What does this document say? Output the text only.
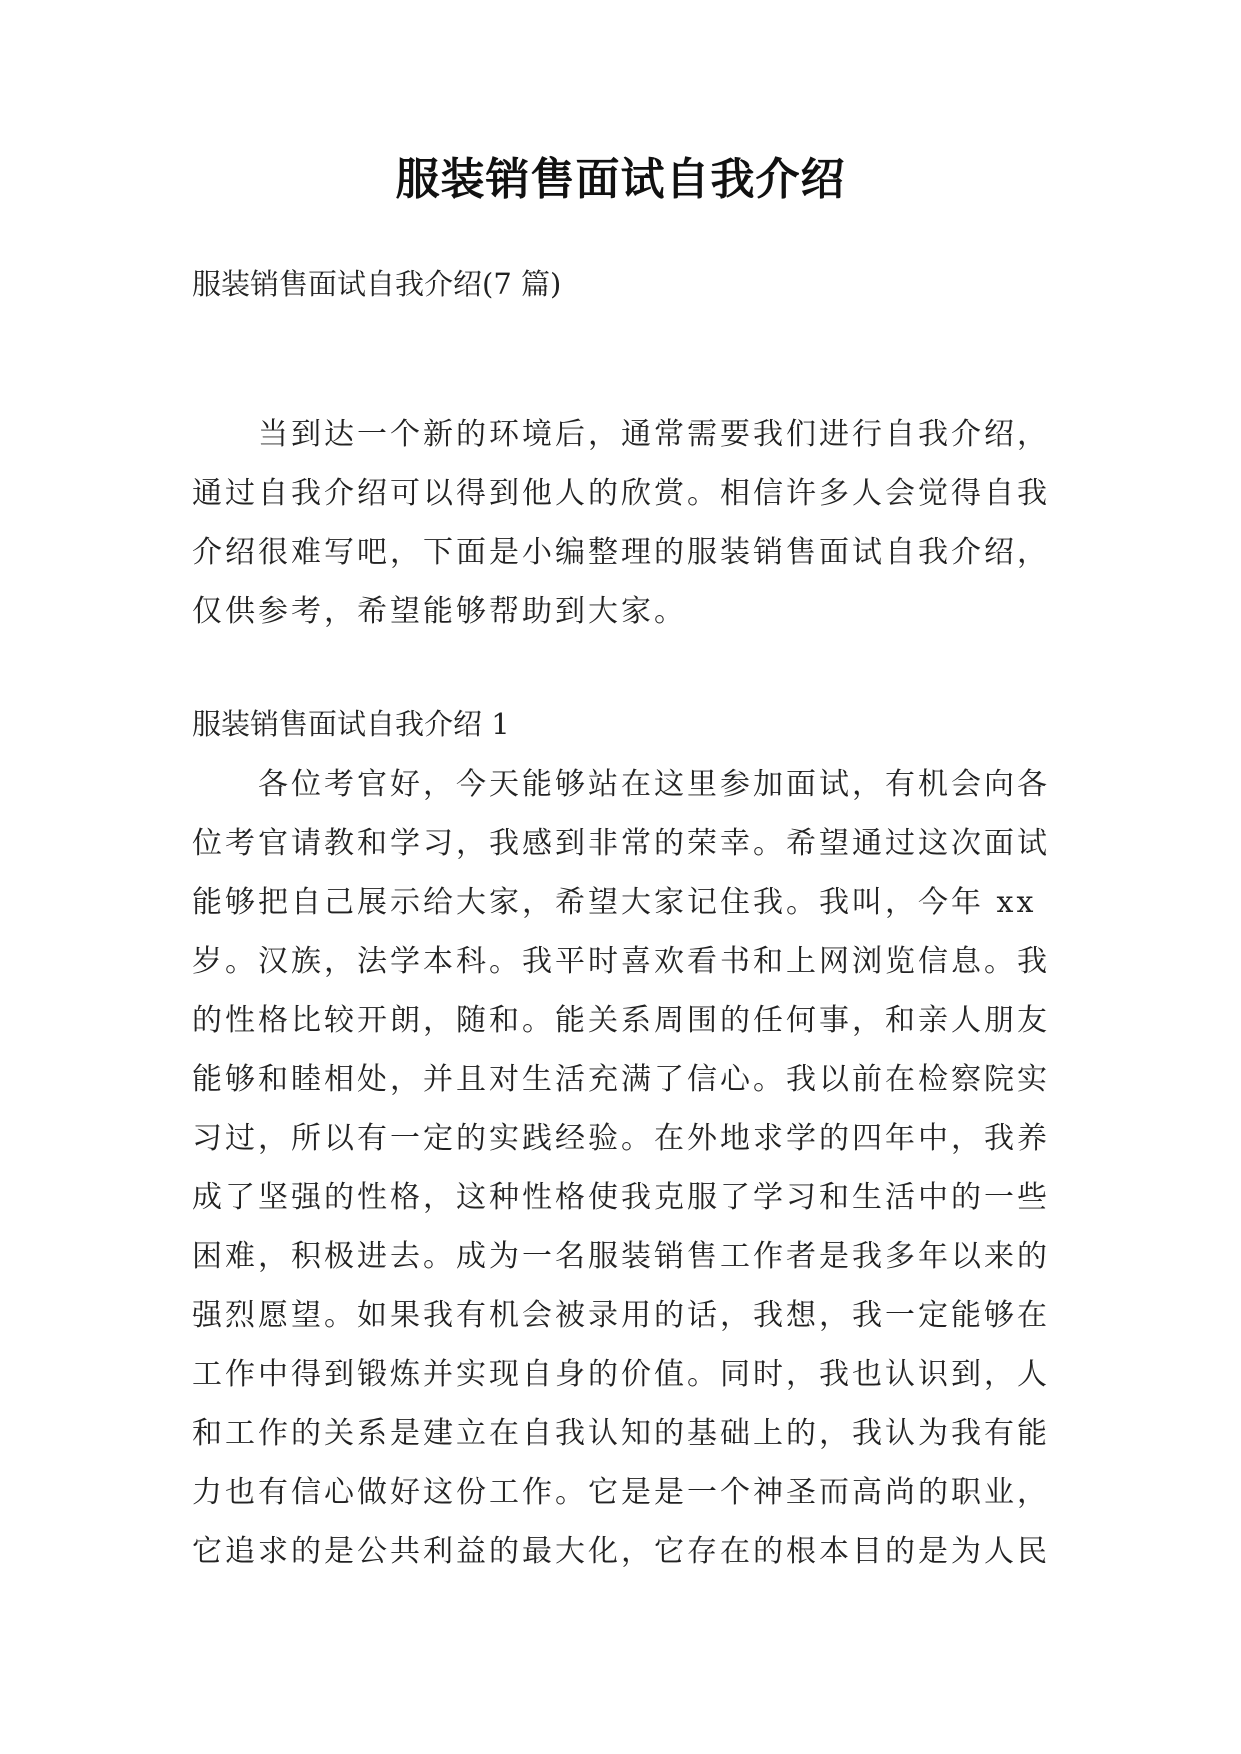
服装销售面试自我介绍
服装销售面试自我介绍(7 篇)
　　当到达一个新的环境后，通常需要我们进行自我介绍，
通过自我介绍可以得到他人的欣赏。相信许多人会觉得自我
介绍很难写吧，下面是小编整理的服装销售面试自我介绍，
仅供参考，希望能够帮助到大家。
服装销售面试自我介绍 1
　　各位考官好，今天能够站在这里参加面试，有机会向各
位考官请教和学习，我感到非常的荣幸。希望通过这次面试
能够把自己展示给大家，希望大家记住我。我叫，今年 xx
岁。汉族，法学本科。我平时喜欢看书和上网浏览信息。我
的性格比较开朗，随和。能关系周围的任何事，和亲人朋友
能够和睦相处，并且对生活充满了信心。我以前在检察院实
习过，所以有一定的实践经验。在外地求学的四年中，我养
成了坚强的性格，这种性格使我克服了学习和生活中的一些
困难，积极进去。成为一名服装销售工作者是我多年以来的
强烈愿望。如果我有机会被录用的话，我想，我一定能够在
工作中得到锻炼并实现自身的价值。同时，我也认识到，人
和工作的关系是建立在自我认知的基础上的，我认为我有能
力也有信心做好这份工作。它是是一个神圣而高尚的职业，
它追求的是公共利益的最大化，它存在的根本目的是为人民
